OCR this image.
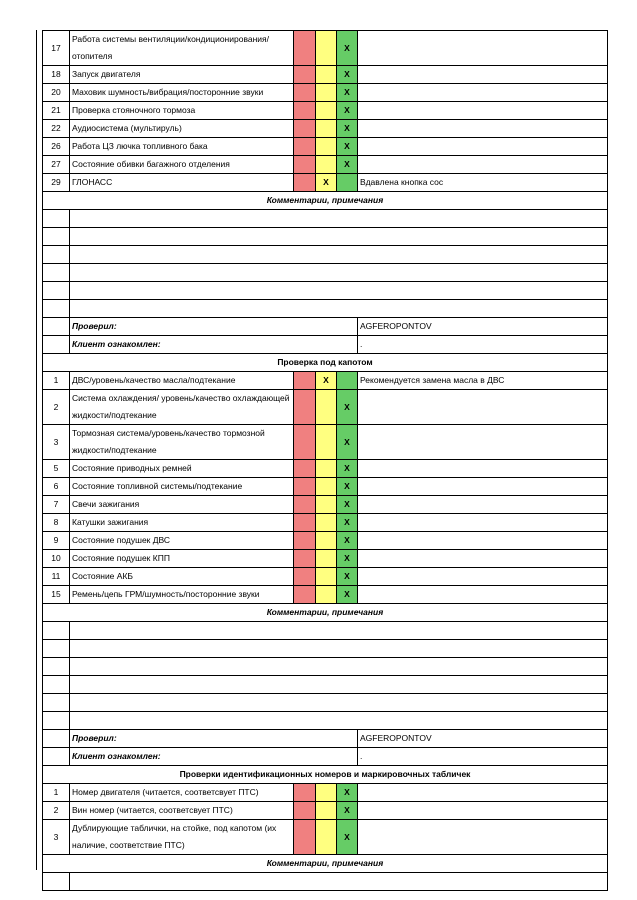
17	Работа системы вентиляции/кондиционирования/ отопителя			X	
18	Запуск двигателя			X	
20	Маховик шумность/вибрация/посторонние звуки			X	
21	Проверка стояночного тормоза			X	
22	Аудиосистема (мультируль)			X	
26	Работа ЦЗ лючка топливного бака			X	
27	Состояние обивки багажного отделения			X	
29	ГЛОНАСС		X		Вдавлена кнопка сос
Комментарии, примечания					

	Проверил:				AGFEROPONTOV
	Клиент ознакомлен:				.
Проверка под капотом					
1	ДВС/уровень/качество масла/подтекание		X		Рекомендуется замена масла в ДВС
2	Система охлаждения/ уровень/качество охлаждающей жидкости/подтекание			X	
3	Тормозная система/уровень/качество тормозной жидкости/подтекание			X	
5	Состояние приводных ремней			X	
6	Состояние топливной системы/подтекание			X	
7	Свечи зажигания			X	
8	Катушки зажигания			X	
9	Состояние подушек ДВС			X	
10	Состояние подушек КПП			X	
11	Состояние АКБ			X	
15	Ремень/цепь ГРМ/шумность/посторонние звуки			X	
Комментарии, примечания					

	Проверил:				AGFEROPONTOV
	Клиент ознакомлен:				.
Проверки идентификационных номеров и маркировочных табличек					
1	Номер двигателя (читается, соответсвует ПТС)			X	
2	Вин номер (читается, соответсвует ПТС)			X	
3	Дублирующие таблички, на стойке, под капотом (их наличие, соответствие ПТС)			X	
Комментарии, примечания					
